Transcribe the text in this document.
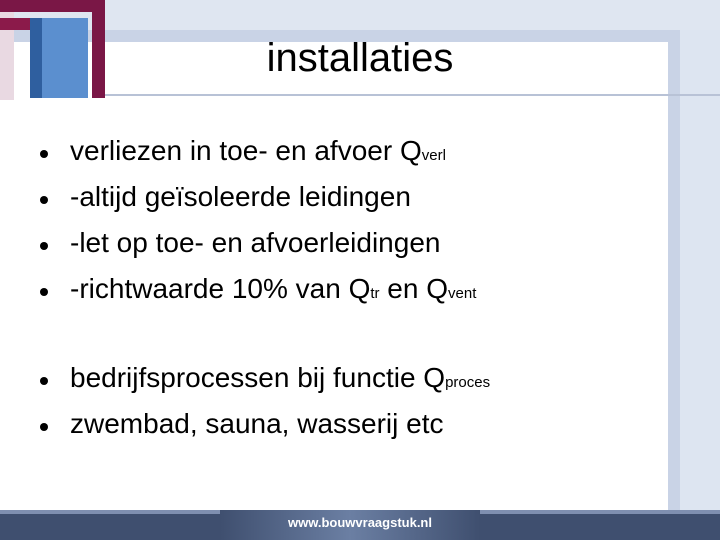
installaties
verliezen in toe- en afvoer Qverl
-altijd geïsoleerde leidingen
-let op toe- en afvoerleidingen
-richtwaarde 10% van Qtr en Qvent
bedrijfsprocessen bij functie Qproces
zwembad, sauna, wasserij etc
www.bouwvraagstuk.nl
